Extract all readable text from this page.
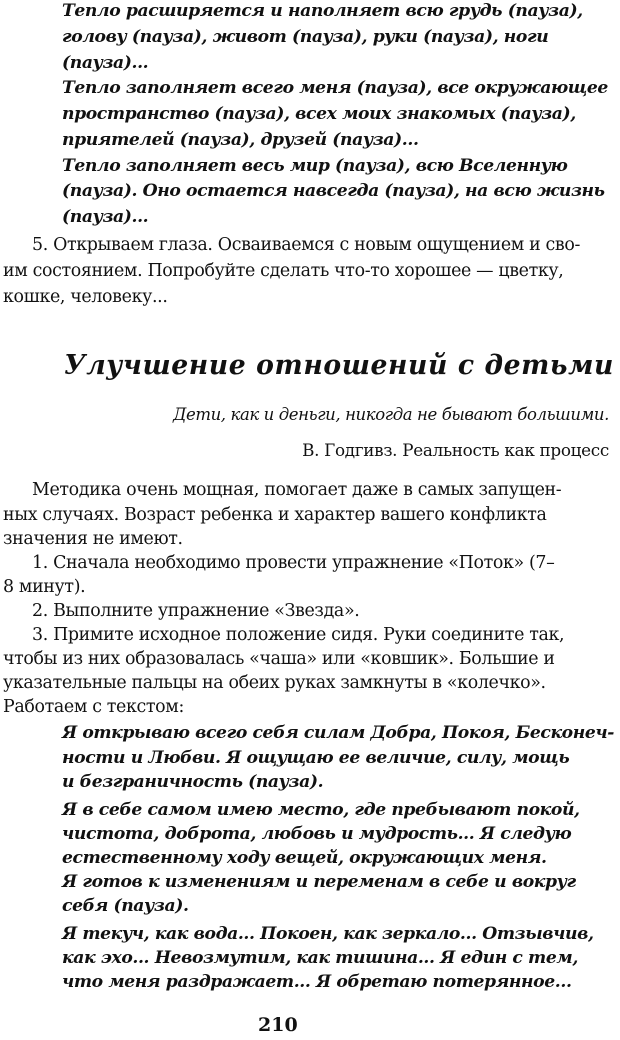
Тепло расширяется и наполняет всю грудь (пауза),
голову (пауза), живот (пауза), руки (пауза), ноги
(пауза)...
Тепло заполняет всего меня (пауза), все окружающее
пространство (пауза), всех моих знакомых (пауза),
приятелей (пауза), друзей (пауза)...
Тепло заполняет весь мир (пауза), всю Вселенную
(пауза). Оно остается навсегда (пауза), на всю жизнь
(пауза)...
5. Открываем глаза. Осваиваемся с новым ощущением и сво-
им состоянием. Попробуйте сделать что-то хорошее — цветку,
кошке, человеку...
Улучшение отношений с детьми
Дети, как и деньги, никогда не бывают большими.
В. Годгивз. Реальность как процесс
Методика очень мощная, помогает даже в самых запущен-
ных случаях. Возраст ребенка и характер вашего конфликта
значения не имеют.
1. Сначала необходимо провести упражнение «Поток» (7–
8 минут).
2. Выполните упражнение «Звезда».
3. Примите исходное положение сидя. Руки соедините так,
чтобы из них образовалась «чаша» или «ковшик». Большие и
указательные пальцы на обеих руках замкнуты в «колечко».
Работаем с текстом:
Я открываю всего себя силам Добра, Покоя, Бесконеч-
ности и Любви. Я ощущаю ее величие, силу, мощь
и безграничность (пауза).
Я в себе самом имею место, где пребывают покой,
чистота, доброта, любовь и мудрость... Я следую
естественному ходу вещей, окружающих меня.
Я готов к изменениям и переменам в себе и вокруг
себя (пауза).
Я текуч, как вода... Покоен, как зеркало... Отзывчив,
как эхо... Невозмутим, как тишина... Я един с тем,
что меня раздражает... Я обретаю потерянное...
210
